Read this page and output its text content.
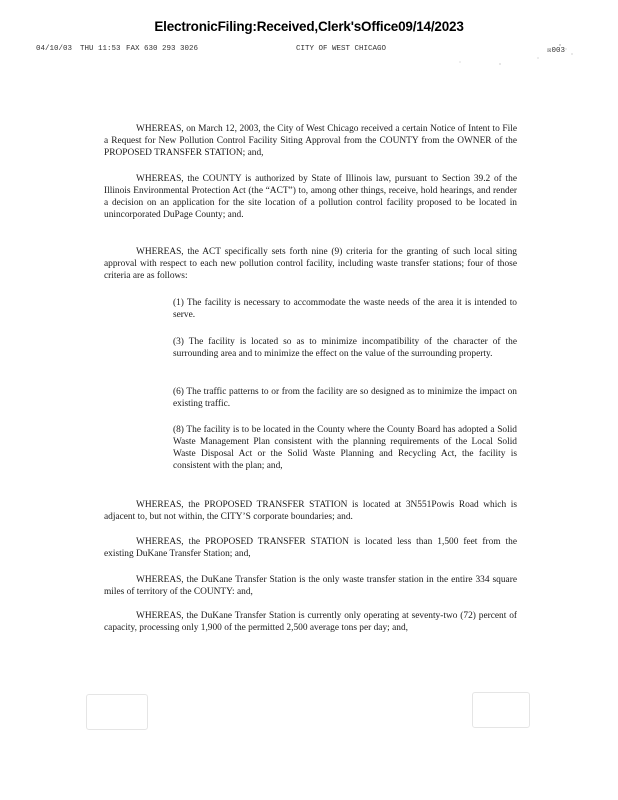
ElectronicFiling:Received,Clerk'sOffice09/14/2023
04/10/03 THU 11:53 FAX 630 293 3026	CITY OF WEST CHICAGO	☒003

WHEREAS, on March 12, 2003, the City of West Chicago received a certain Notice of Intent to File a Request for New Pollution Control Facility Siting Approval from the COUNTY from the OWNER of the PROPOSED TRANSFER STATION; and,

WHEREAS, the COUNTY is authorized by State of Illinois law, pursuant to Section 39.2 of the Illinois Environmental Protection Act (the “ACT”) to, among other things, receive, hold hearings, and render a decision on an application for the site location of a pollution control facility proposed to be located in unincorporated DuPage County; and.

WHEREAS, the ACT specifically sets forth nine (9) criteria for the granting of such local siting approval with respect to each new pollution control facility, including waste transfer stations; four of those criteria are as follows:

(1) The facility is necessary to accommodate the waste needs of the area it is intended to serve.

(3) The facility is located so as to minimize incompatibility of the character of the surrounding area and to minimize the effect on the value of the surrounding property.

(6) The traffic patterns to or from the facility are so designed as to minimize the impact on existing traffic.

(8) The facility is to be located in the County where the County Board has adopted a Solid Waste Management Plan consistent with the planning requirements of the Local Solid Waste Disposal Act or the Solid Waste Planning and Recycling Act, the facility is consistent with the plan; and,

WHEREAS, the PROPOSED TRANSFER STATION is located at 3N551Powis Road which is adjacent to, but not within, the CITY’S corporate boundaries; and.

WHEREAS, the PROPOSED TRANSFER STATION is located less than 1,500 feet from the existing DuKane Transfer Station; and,

WHEREAS, the DuKane Transfer Station is the only waste transfer station in the entire 334 square miles of territory of the COUNTY: and,

WHEREAS, the DuKane Transfer Station is currently only operating at seventy-two (72) percent of capacity, processing only 1,900 of the permitted 2,500 average tons per day; and,
